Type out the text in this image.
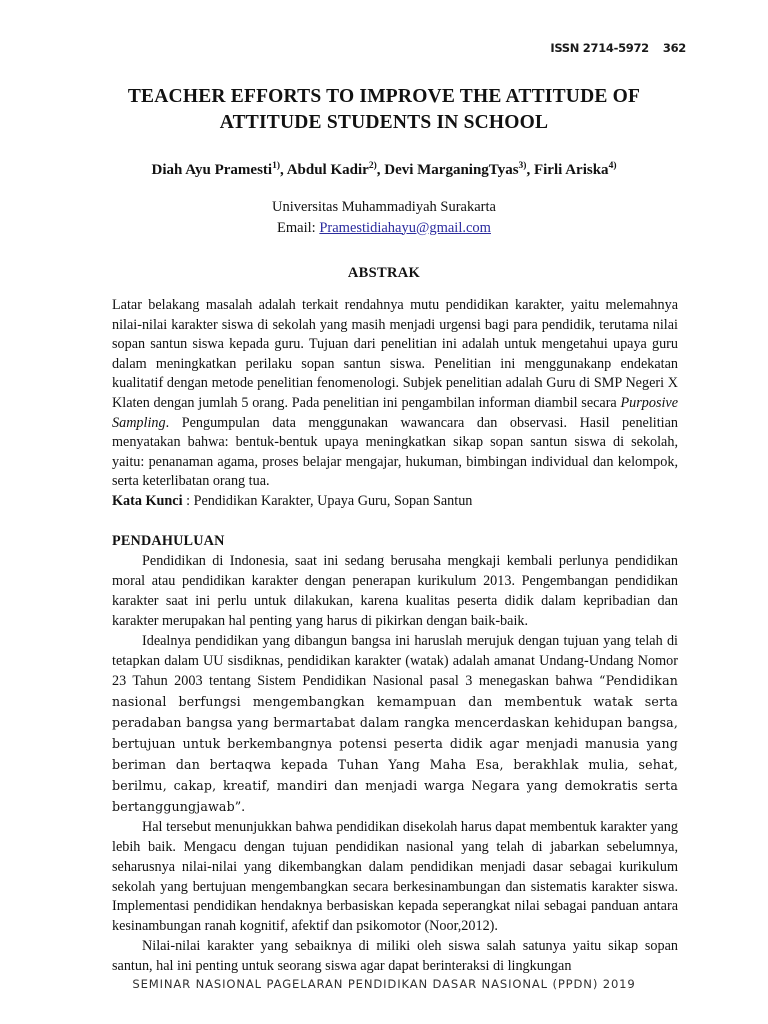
ISSN 2714-5972 362
TEACHER EFFORTS TO IMPROVE THE ATTITUDE OF
ATTITUDE STUDENTS IN SCHOOL
Diah Ayu Pramesti$^{1)}$, Abdul Kadir$^{2)}$, Devi MarganingTyas$^{3)}$, Firli Ariska$^{4)}$
Universitas Muhammadiyah Surakarta
Email: Pramestidiahayu@gmail.com
ABSTRAK
Latar belakang masalah adalah terkait rendahnya mutu pendidikan karakter, yaitu melemahnya nilai-nilai karakter siswa di sekolah yang masih menjadi urgensi bagi para pendidik, terutama nilai sopan santun siswa kepada guru. Tujuan dari penelitian ini adalah untuk mengetahui upaya guru dalam meningkatkan perilaku sopan santun siswa. Penelitian ini menggunakanp endekatan kualitatif dengan metode penelitian fenomenologi. Subjek penelitian adalah Guru di SMP Negeri X Klaten dengan jumlah 5 orang. Pada penelitian ini pengambilan informan diambil secara Purposive Sampling. Pengumpulan data menggunakan wawancara dan observasi. Hasil penelitian menyatakan bahwa: bentuk-bentuk upaya meningkatkan sikap sopan santun siswa di sekolah, yaitu: penanaman agama, proses belajar mengajar, hukuman, bimbingan individual dan kelompok, serta keterlibatan orang tua.
Kata Kunci : Pendidikan Karakter, Upaya Guru, Sopan Santun
PENDAHULUAN

Pendidikan di Indonesia, saat ini sedang berusaha mengkaji kembali perlunya pendidikan moral atau pendidikan karakter dengan penerapan kurikulum 2013. Pengembangan pendidikan karakter saat ini perlu untuk dilakukan, karena kualitas peserta didik dalam kepribadian dan karakter merupakan hal penting yang harus di pikirkan dengan baik-baik.

Idealnya pendidikan yang dibangun bangsa ini haruslah merujuk dengan tujuan yang telah di tetapkan dalam UU sisdiknas, pendidikan karakter (watak) adalah amanat Undang-Undang Nomor 23 Tahun 2003 tentang Sistem Pendidikan Nasional pasal 3 menegaskan bahwa “Pendidikan nasional berfungsi mengembangkan kemampuan dan membentuk watak serta peradaban bangsa yang bermartabat dalam rangka mencerdaskan kehidupan bangsa, bertujuan untuk berkembangnya potensi peserta didik agar menjadi manusia yang beriman dan bertaqwa kepada Tuhan Yang Maha Esa, berakhlak mulia, sehat, berilmu, cakap, kreatif, mandiri dan menjadi warga Negara yang demokratis serta bertanggungjawab”.

Hal tersebut menunjukkan bahwa pendidikan disekolah harus dapat membentuk karakter yang lebih baik. Mengacu dengan tujuan pendidikan nasional yang telah di jabarkan sebelumnya, seharusnya nilai-nilai yang dikembangkan dalam pendidikan menjadi dasar sebagai kurikulum sekolah yang bertujuan mengembangkan secara berkesinambungan dan sistematis karakter siswa. Implementasi pendidikan hendaknya berbasiskan kepada seperangkat nilai sebagai panduan antara kesinambungan ranah kognitif, afektif dan psikomotor (Noor,2012).

Nilai-nilai karakter yang sebaiknya di miliki oleh siswa salah satunya yaitu sikap sopan santun, hal ini penting untuk seorang siswa agar dapat berinteraksi di lingkungan

SEMINAR NASIONAL PAGELARAN PENDIDIKAN DASAR NASIONAL (PPDN) 2019
